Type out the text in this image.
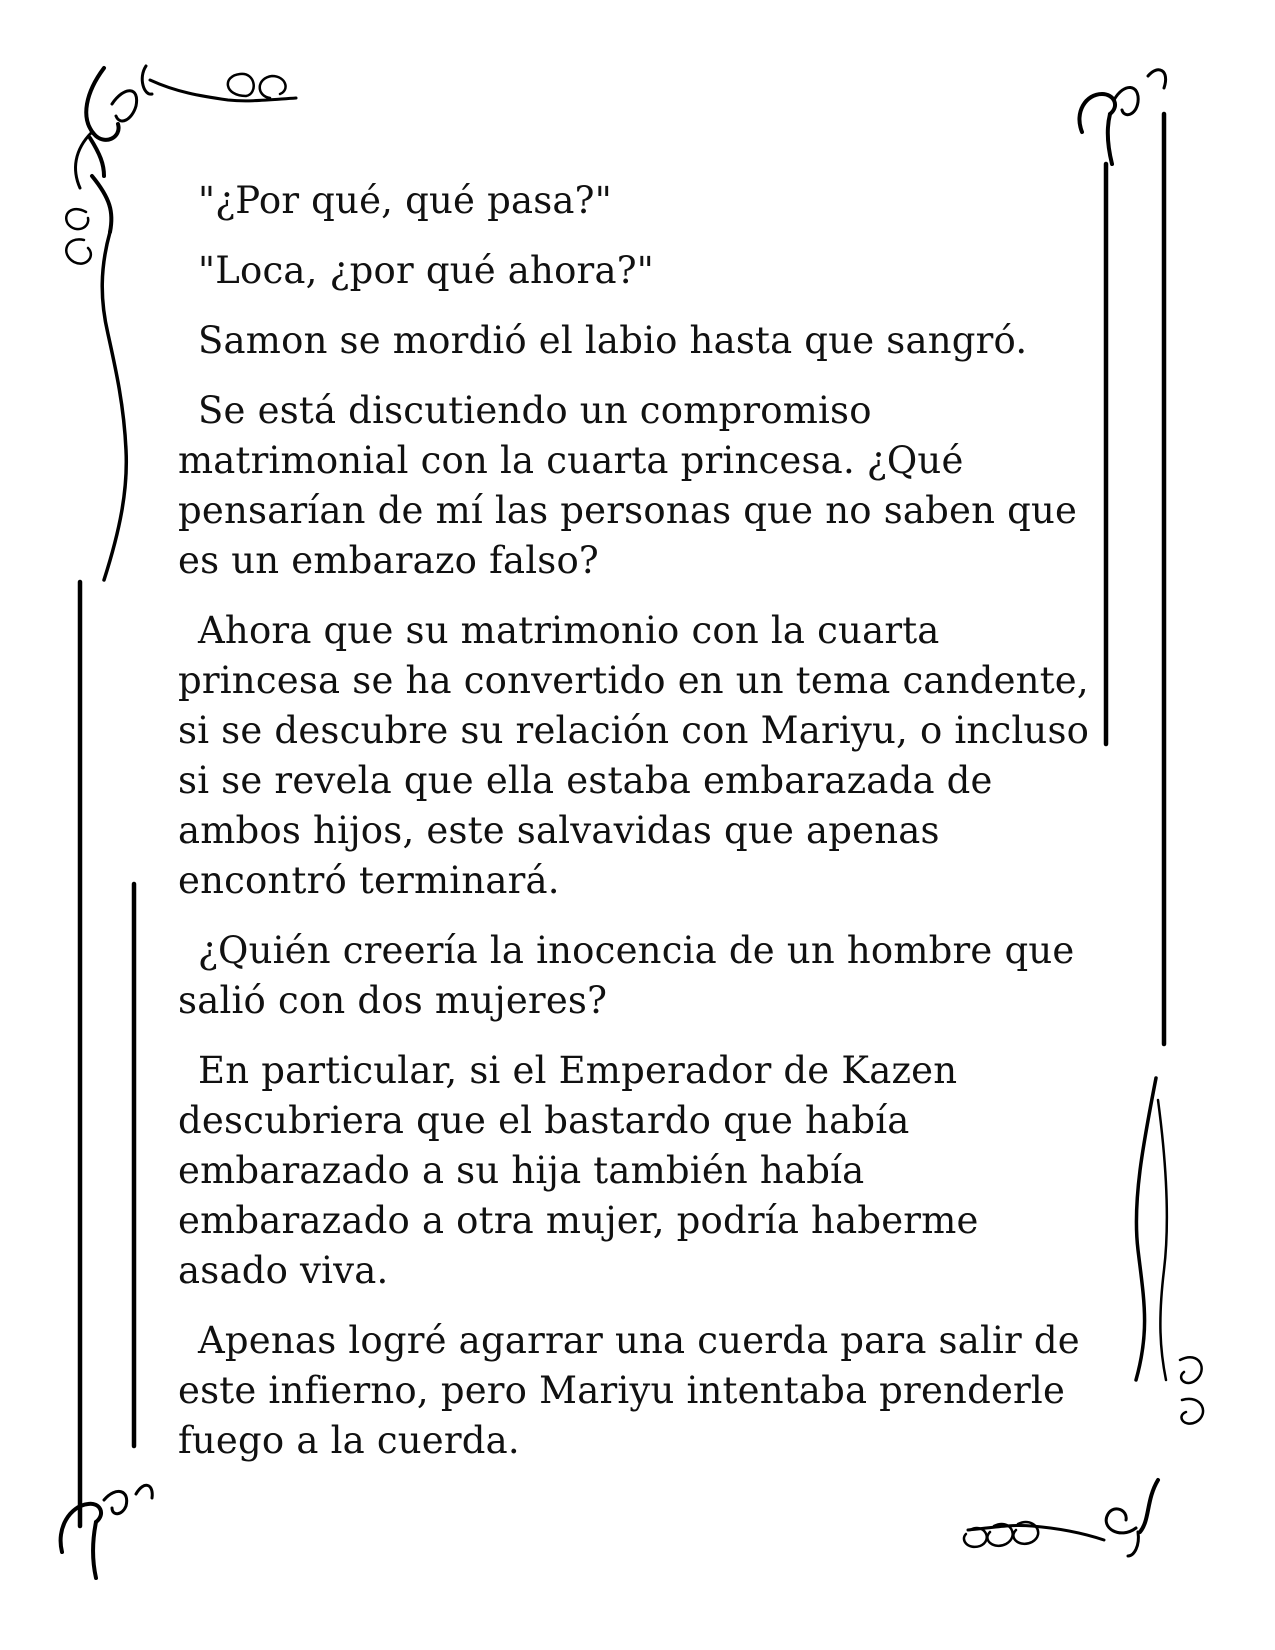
"¿Por qué, qué pasa?"

"Loca, ¿por qué ahora?"

Samon se mordió el labio hasta que sangró.

Se está discutiendo un compromiso matrimonial con la cuarta princesa. ¿Qué pensarían de mí las personas que no saben que es un embarazo falso?

Ahora que su matrimonio con la cuarta princesa se ha convertido en un tema candente, si se descubre su relación con Mariyu, o incluso si se revela que ella estaba embarazada de ambos hijos, este salvavidas que apenas encontró terminará.

¿Quién creería la inocencia de un hombre que salió con dos mujeres?

En particular, si el Emperador de Kazen descubriera que el bastardo que había embarazado a su hija también había embarazado a otra mujer, podría haberme asado viva.

Apenas logré agarrar una cuerda para salir de este infierno, pero Mariyu intentaba prenderle fuego a la cuerda.
